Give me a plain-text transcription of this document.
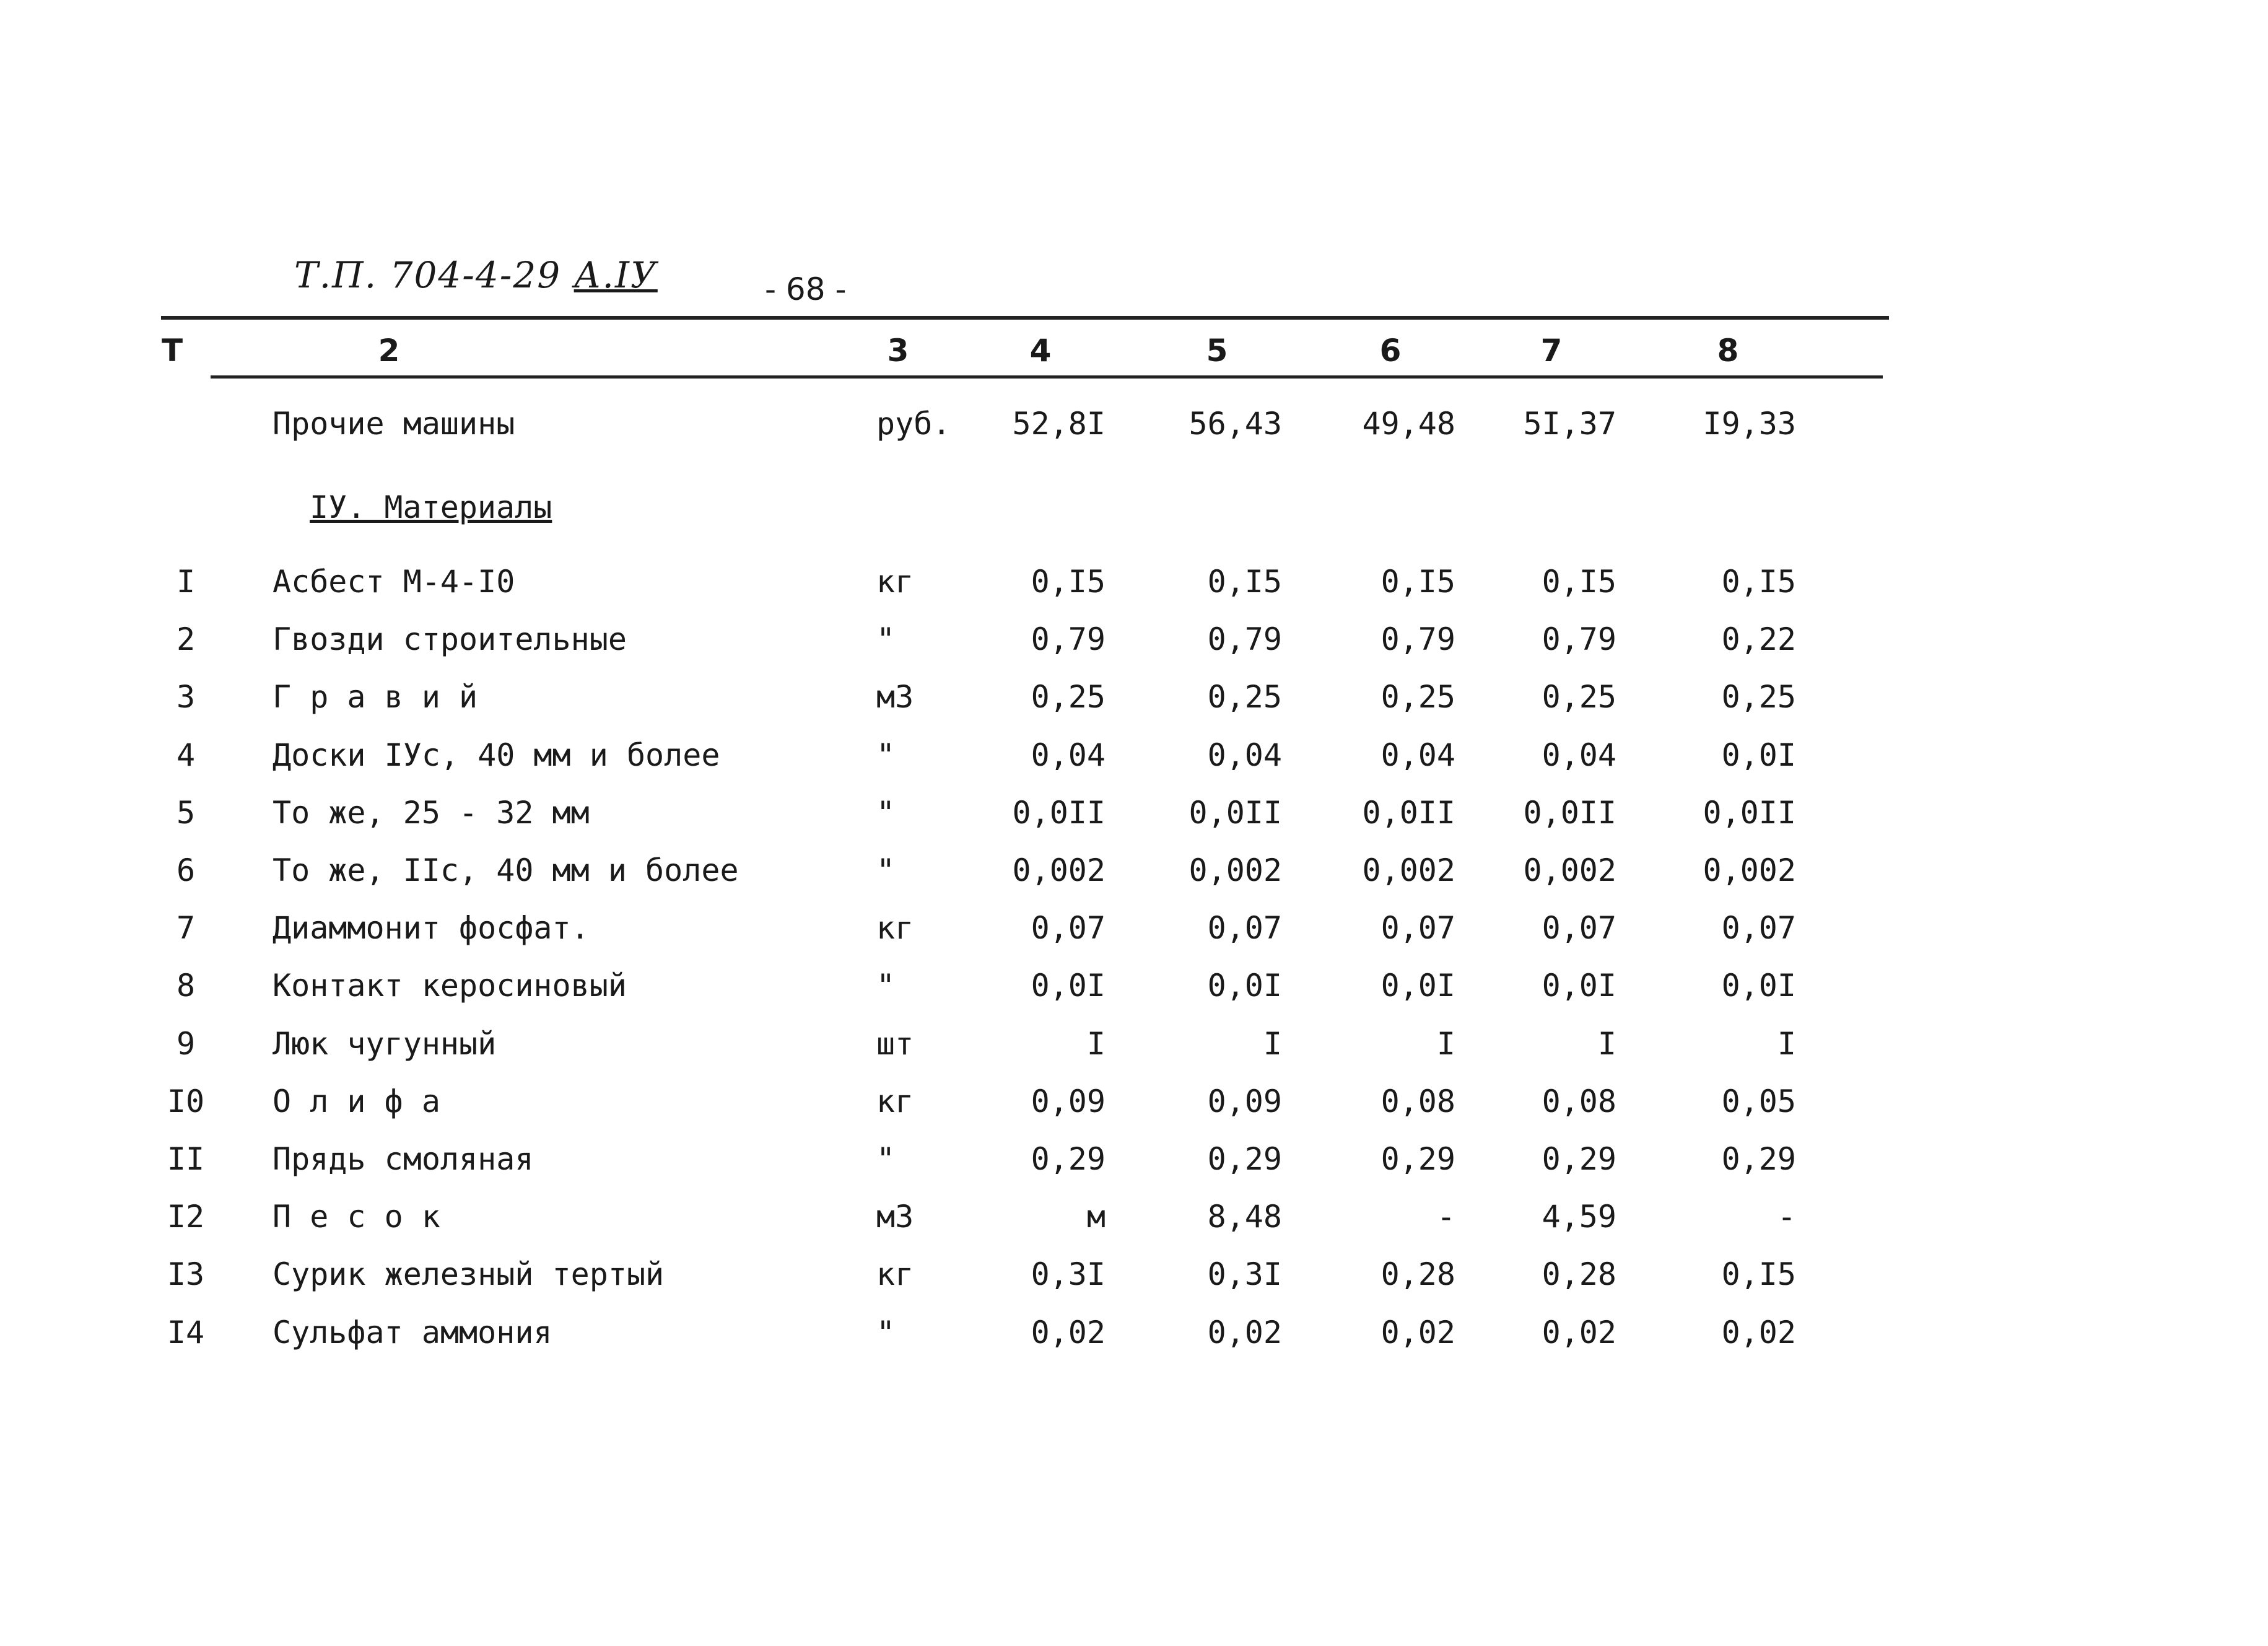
Т.П. 704-4-29 А.IУ	- 68 -
Т	2	3	4	5	6	7	8
Прочие машины	руб. 52,8I	56,43	49,48 5I,37	I9,33
IУ. Материалы
I	Асбест М-4-I0	кг	0,I5	0,I5	0,I5	0,I5	0,I5
2	Гвозди строительные	"	0,79	0,79	0,79	0,79	0,22
3	Г р а в и й	м3	0,25	0,25	0,25	0,25	0,25
4	Доски IУс, 40 мм и более	"	0,04	0,04	0,04	0,04	0,0I
5	То же, 25 - 32 мм	"	0,0II	0,0II	0,0II 0,0II	0,0II
6	То же, IIс, 40 мм и более	"	0,002	0,002	0,002 0,002	0,002
7	Диаммонит фосфат.	кг	0,07	0,07	0,07	0,07	0,07
8	Контакт керосиновый	"	0,0I	0,0I	0,0I	0,0I	0,0I
9	Люк чугунный	шт	I	I	I	I	I
I0 О л и ф а	кг	0,09	0,09	0,08	0,08	0,05
II Прядь смоляная	"	0,29	0,29	0,29	0,29	0,29
I2 П е с о к	м3	м	8,48	-	4,59	-
I3 Сурик железный тертый	кг	0,3I	0,3I	0,28	0,28	0,I5
I4 Сульфат аммония	"	0,02	0,02	0,02	0,02	0,02
